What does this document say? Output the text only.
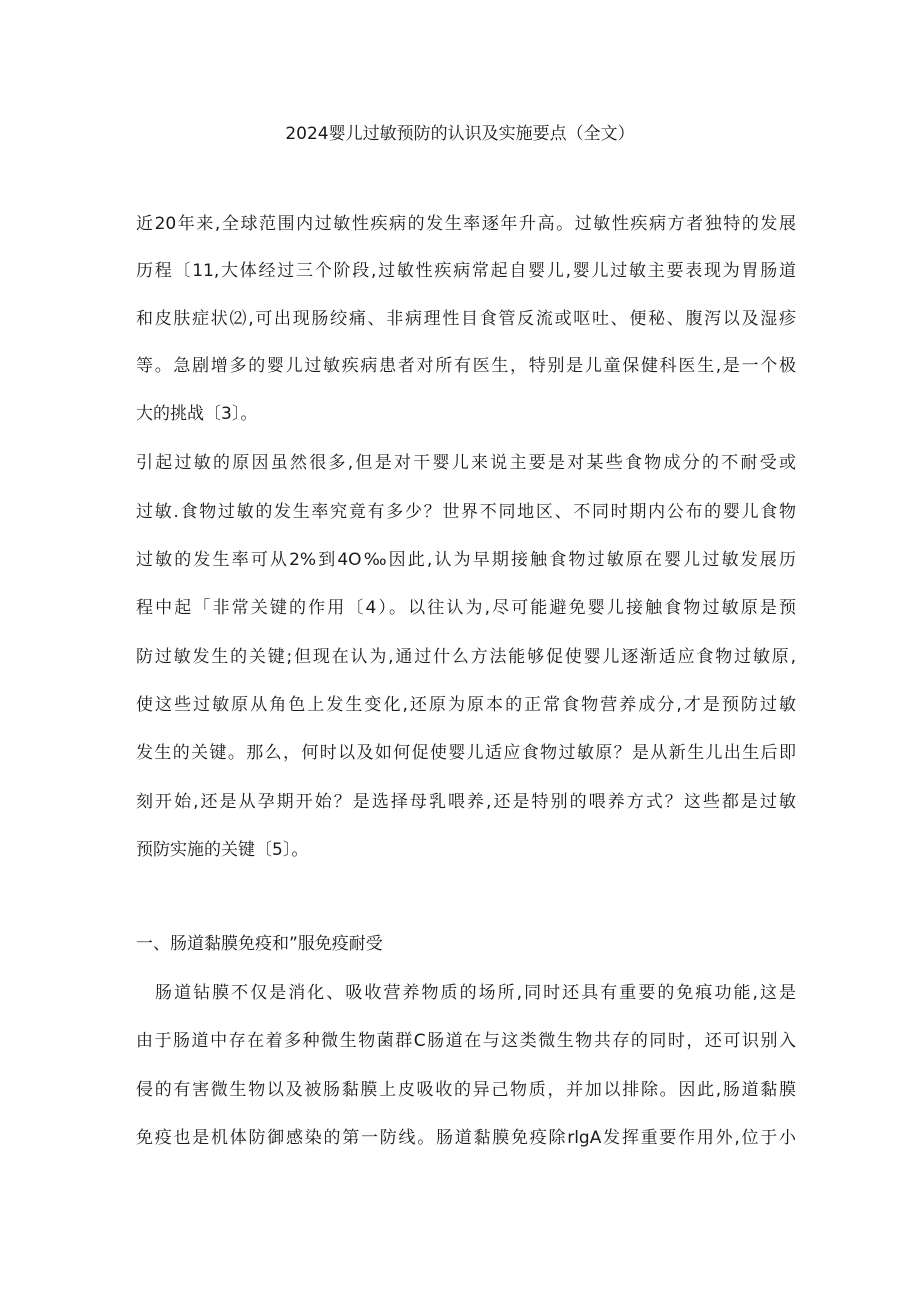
2024婴儿过敏预防的认识及实施要点（全文）
近20年来,全球范围内过敏性疾病的发生率逐年升高。过敏性疾病方者独特的发展
历程〔11,大体经过三个阶段,过敏性疾病常起自婴儿,婴儿过敏主要表现为胃肠道
和皮肤症状⑵,可出现肠绞痛、非病理性目食管反流或呕吐、便秘、腹泻以及湿疹
等。急剧增多的婴儿过敏疾病患者对所有医生，特别是儿童保健科医生,是一个极
大的挑战〔3〕。
引起过敏的原因虽然很多,但是对干婴儿来说主要是对某些食物成分的不耐受或
过敏.食物过敏的发生率究竟有多少？世界不同地区、不同时期内公布的婴儿食物
过敏的发生率可从2%到4O‰因此,认为早期接触食物过敏原在婴儿过敏发展历
程中起「非常关键的作用〔4）。以往认为,尽可能避免婴儿接触食物过敏原是预
防过敏发生的关键;但现在认为,通过什么方法能够促使婴儿逐渐适应食物过敏原,
使这些过敏原从角色上发生变化,还原为原本的正常食物营养成分,才是预防过敏
发生的关键。那么，何时以及如何促使婴儿适应食物过敏原？是从新生儿出生后即
刻开始,还是从孕期开始？是选择母乳喂养,还是特别的喂养方式？这些都是过敏
预防实施的关键〔5〕。
一、肠道黏膜免疫和”服免疫耐受
　肠道钻膜不仅是消化、吸收营养物质的场所,同时还具有重要的免痕功能,这是
由于肠道中存在着多种微生物菌群C肠道在与这类微生物共存的同时，还可识别入
侵的有害微生物以及被肠黏膜上皮吸收的异己物质，并加以排除。因此,肠道黏膜
免疫也是机体防御感染的第一防线。肠道黏膜免疫除rlgA发挥重要作用外,位于小
